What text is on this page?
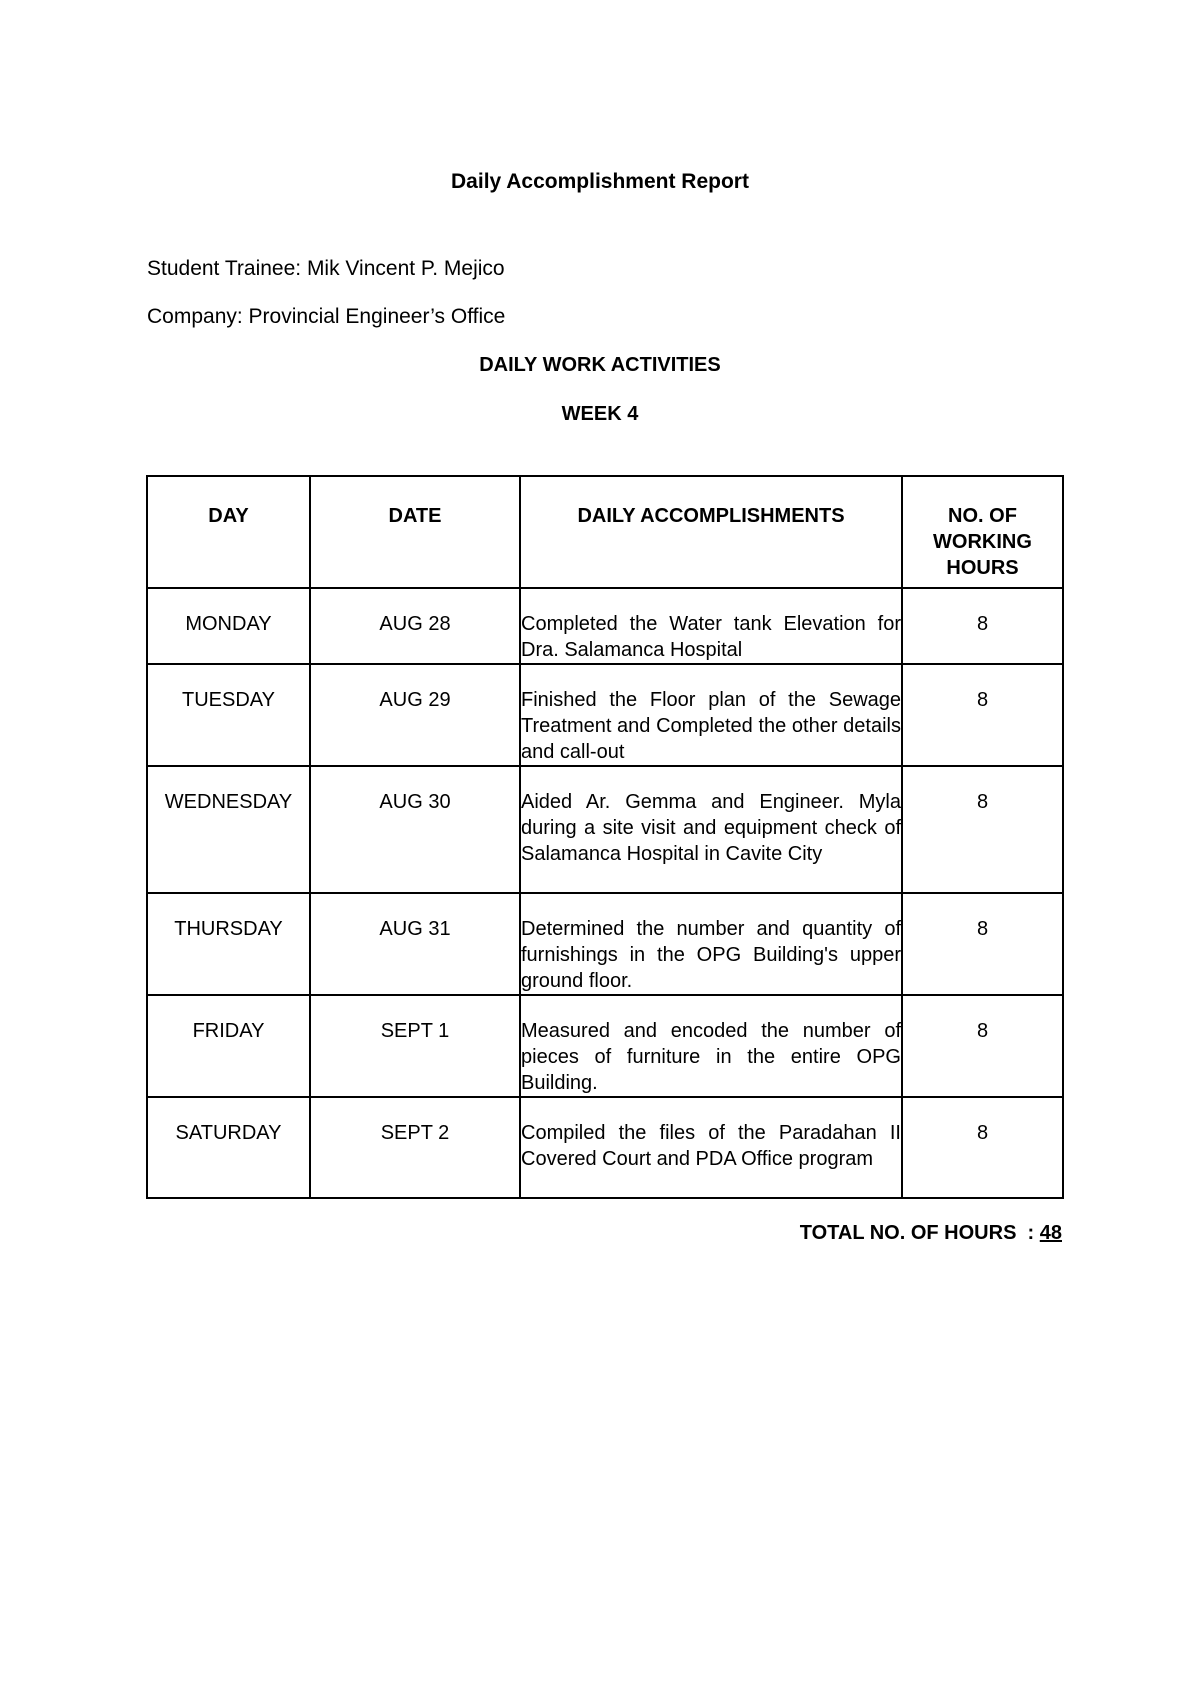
Daily Accomplishment Report
Student Trainee: Mik Vincent P. Mejico
Company: Provincial Engineer’s Office
DAILY WORK ACTIVITIES
WEEK 4
DAY	DATE	DAILY ACCOMPLISHMENTS	NO. OF WORKING HOURS
MONDAY	AUG 28	Completed the Water tank Elevation for Dra. Salamanca Hospital	8
TUESDAY	AUG 29	Finished the Floor plan of the Sewage Treatment and Completed the other details and call-out	8
WEDNESDAY	AUG 30	Aided Ar. Gemma and Engineer. Myla during a site visit and equipment check of Salamanca Hospital in Cavite City	8
THURSDAY	AUG 31	Determined the number and quantity of furnishings in the OPG Building's upper ground floor.	8
FRIDAY	SEPT 1	Measured and encoded the number of pieces of furniture in the entire OPG Building.	8
SATURDAY	SEPT 2	Compiled the files of the Paradahan II Covered Court and PDA Office program	8
TOTAL NO. OF HOURS  : 48
